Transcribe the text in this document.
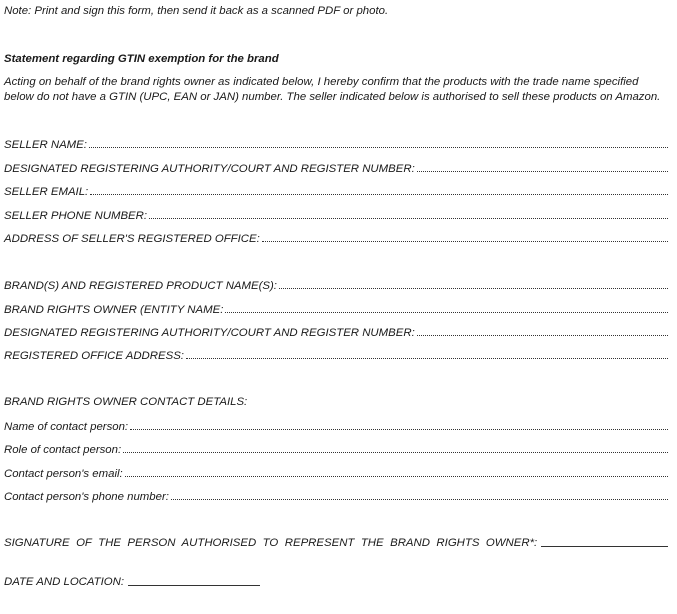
Note: Print and sign this form, then send it back as a scanned PDF or photo.
Statement regarding GTIN exemption for the brand
Acting on behalf of the brand rights owner as indicated below, I hereby confirm that the products with the trade name specified
below do not have a GTIN (UPC, EAN or JAN) number. The seller indicated below is authorised to sell these products on Amazon.
SELLER NAME:
DESIGNATED REGISTERING AUTHORITY/COURT AND REGISTER NUMBER:
SELLER EMAIL:
SELLER PHONE NUMBER:
ADDRESS OF SELLER'S REGISTERED OFFICE:
BRAND(S) AND REGISTERED PRODUCT NAME(S):
BRAND RIGHTS OWNER (ENTITY NAME:
DESIGNATED REGISTERING AUTHORITY/COURT AND REGISTER NUMBER:
REGISTERED OFFICE ADDRESS:
BRAND RIGHTS OWNER CONTACT DETAILS:
Name of contact person:
Role of contact person:
Contact person's email:
Contact person's phone number:
SIGNATURE OF THE PERSON AUTHORISED TO REPRESENT THE BRAND RIGHTS OWNER*:
DATE AND LOCATION:
